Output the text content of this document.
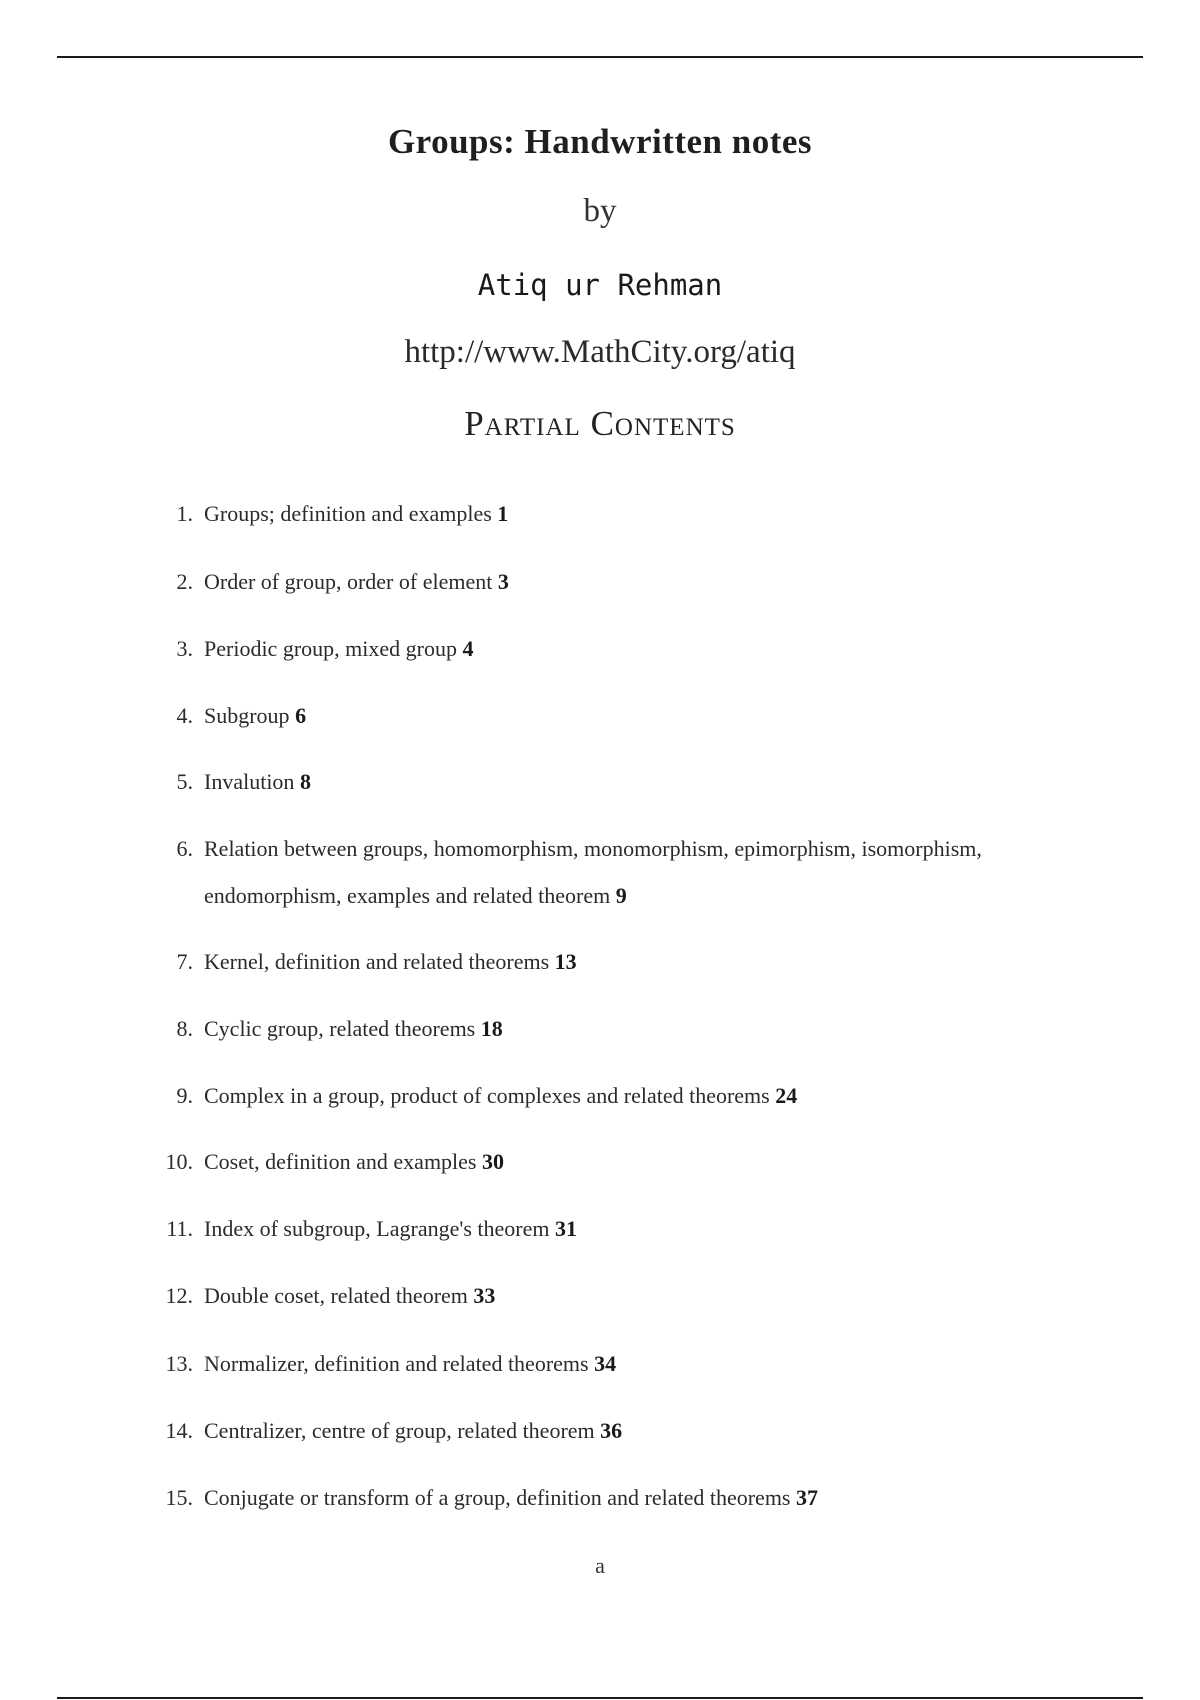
Groups: Handwritten notes
by
Atiq ur Rehman
http://www.MathCity.org/atiq
Partial Contents
1. Groups; definition and examples 1
2. Order of group, order of element 3
3. Periodic group, mixed group 4
4. Subgroup 6
5. Invalution 8
6. Relation between groups, homomorphism, monomorphism, epimorphism, isomorphism, endomorphism, examples and related theorem 9
7. Kernel, definition and related theorems 13
8. Cyclic group, related theorems 18
9. Complex in a group, product of complexes and related theorems 24
10. Coset, definition and examples 30
11. Index of subgroup, Lagrange's theorem 31
12. Double coset, related theorem 33
13. Normalizer, definition and related theorems 34
14. Centralizer, centre of group, related theorem 36
15. Conjugate or transform of a group, definition and related theorems 37
a
